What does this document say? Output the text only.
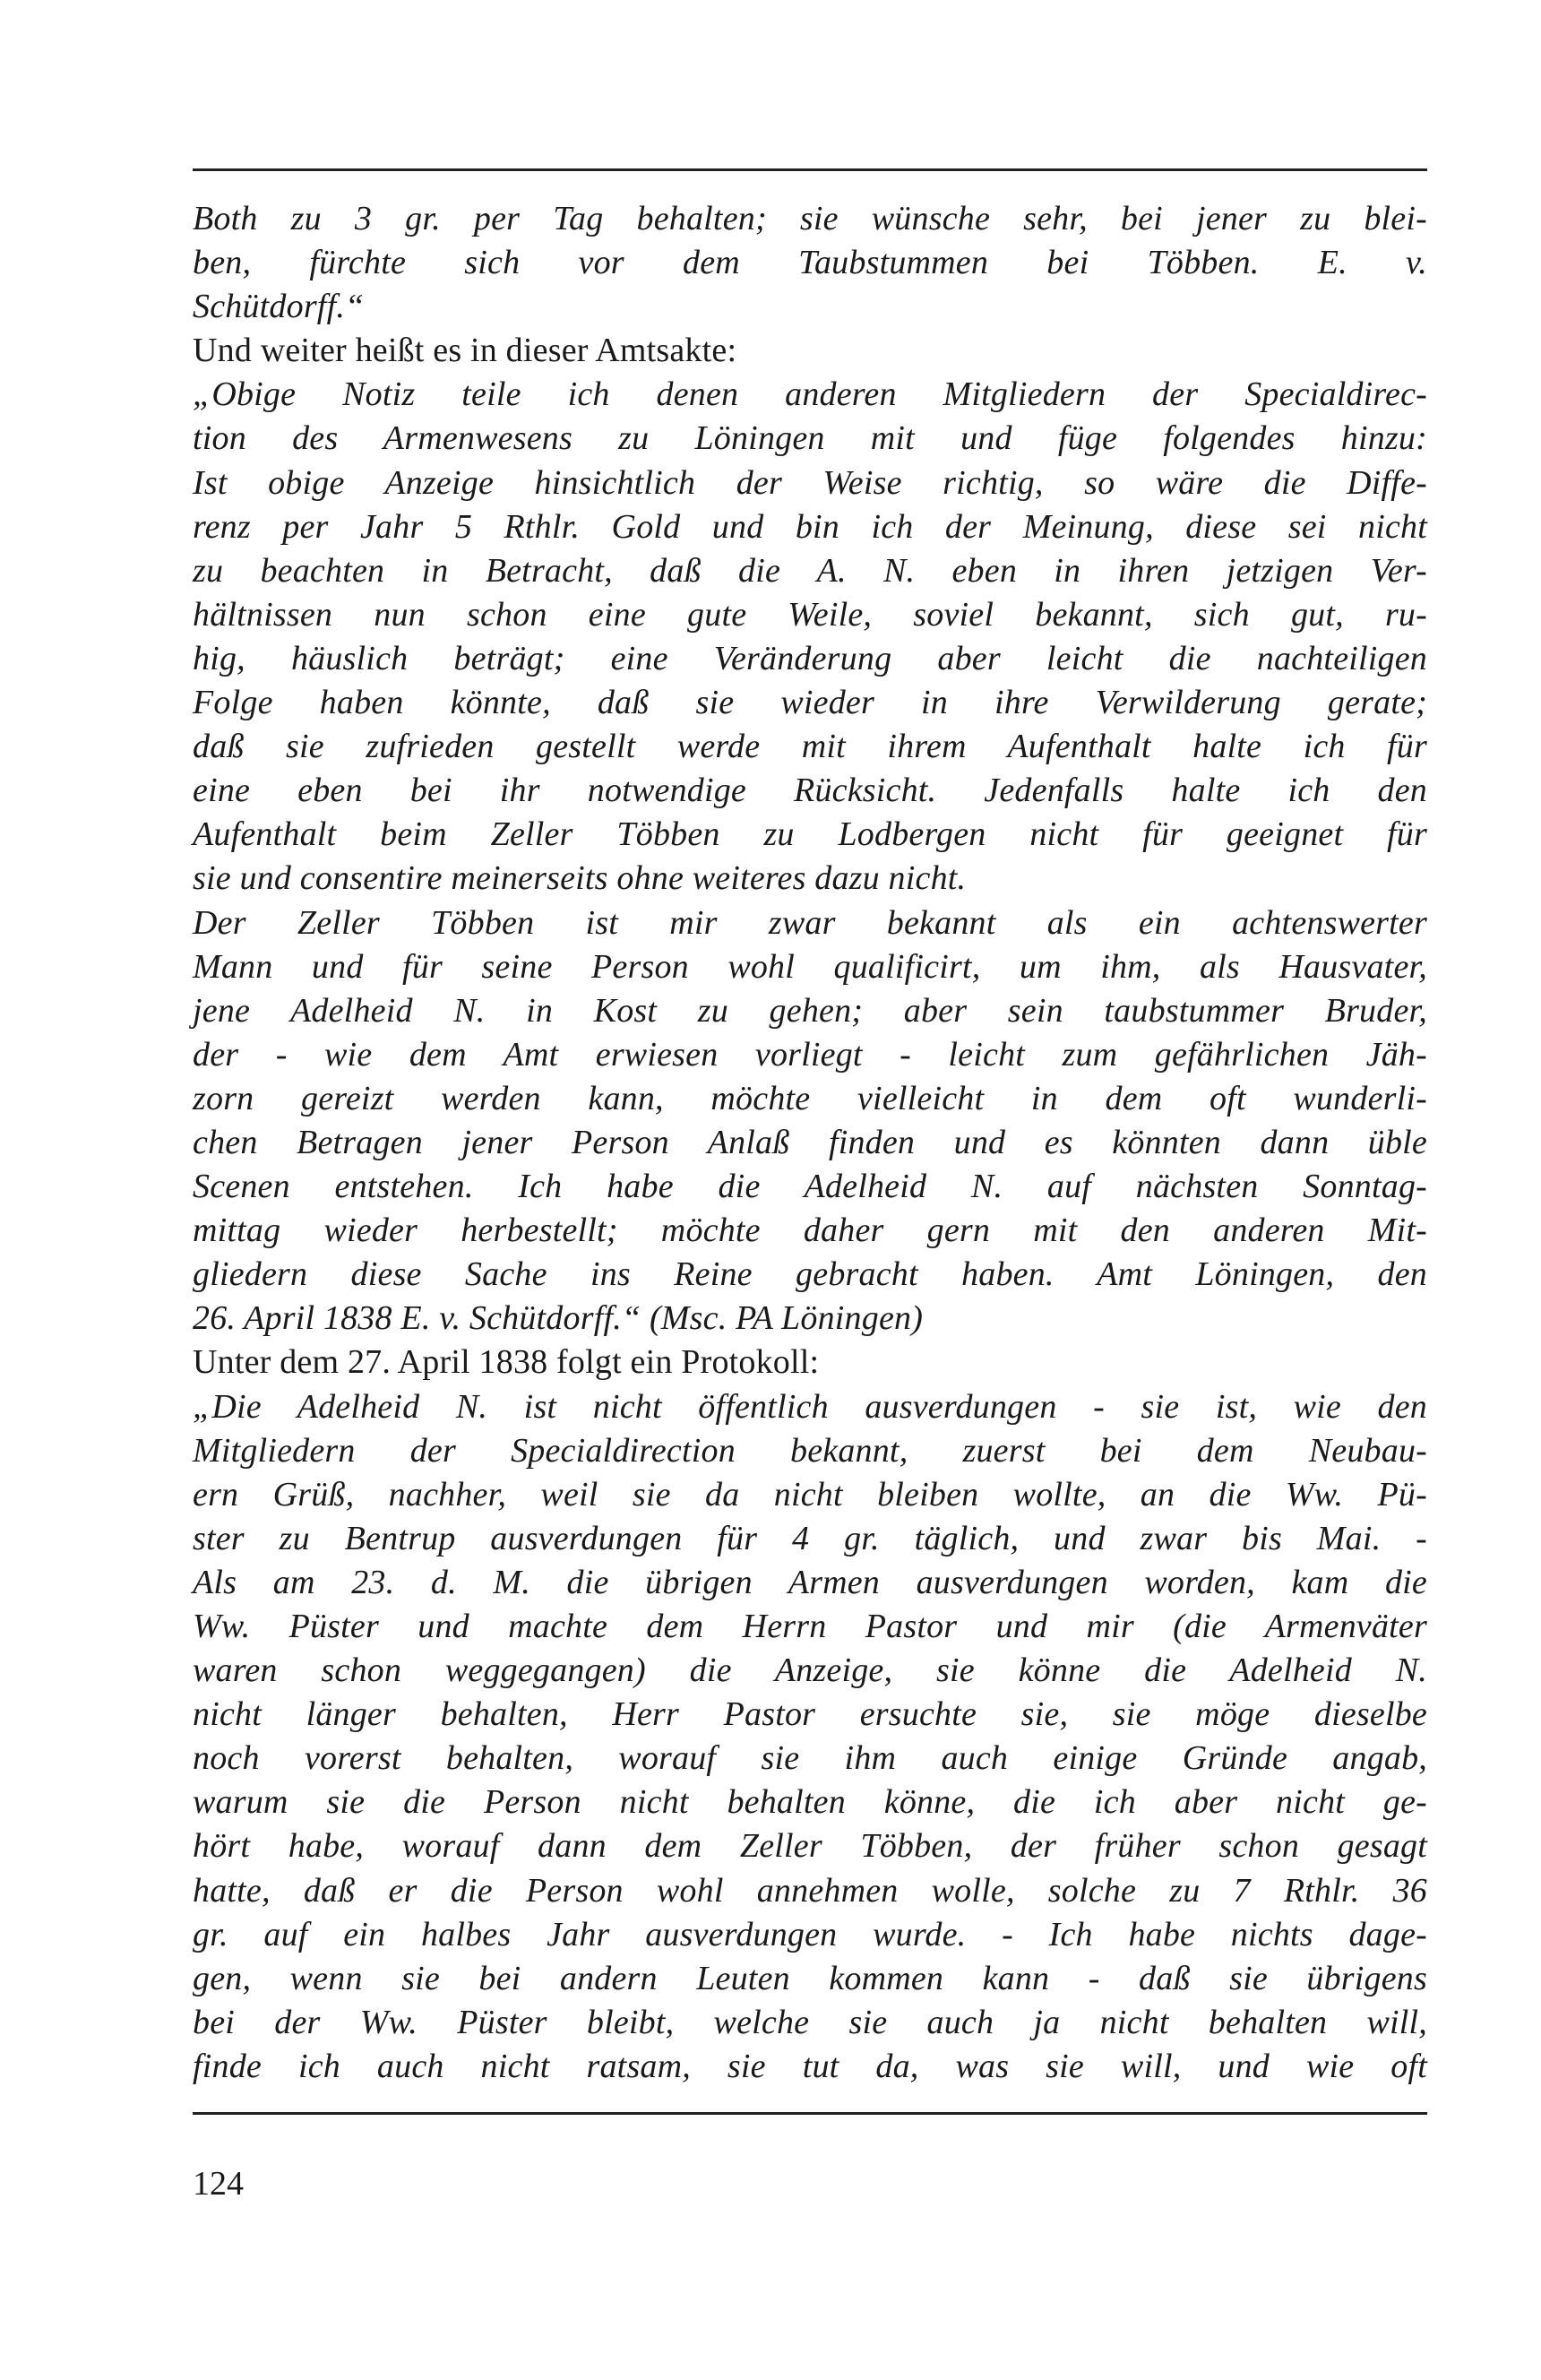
Both zu 3 gr. per Tag behalten; sie wünsche sehr, bei jener zu blei-
ben, fürchte sich vor dem Taubstummen bei Többen. E. v.
Schütdorff.“
Und weiter heißt es in dieser Amtsakte:
„Obige Notiz teile ich denen anderen Mitgliedern der Specialdirec-
tion des Armenwesens zu Löningen mit und füge folgendes hinzu:
Ist obige Anzeige hinsichtlich der Weise richtig, so wäre die Diffe-
renz per Jahr 5 Rthlr. Gold und bin ich der Meinung, diese sei nicht
zu beachten in Betracht, daß die A. N. eben in ihren jetzigen Ver-
hältnissen nun schon eine gute Weile, soviel bekannt, sich gut, ru-
hig, häuslich beträgt; eine Veränderung aber leicht die nachteiligen
Folge haben könnte, daß sie wieder in ihre Verwilderung gerate;
daß sie zufrieden gestellt werde mit ihrem Aufenthalt halte ich für
eine eben bei ihr notwendige Rücksicht. Jedenfalls halte ich den
Aufenthalt beim Zeller Többen zu Lodbergen nicht für geeignet für
sie und consentire meinerseits ohne weiteres dazu nicht.
Der Zeller Többen ist mir zwar bekannt als ein achtenswerter
Mann und für seine Person wohl qualificirt, um ihm, als Hausvater,
jene Adelheid N. in Kost zu gehen; aber sein taubstummer Bruder,
der - wie dem Amt erwiesen vorliegt - leicht zum gefährlichen Jäh-
zorn gereizt werden kann, möchte vielleicht in dem oft wunderli-
chen Betragen jener Person Anlaß finden und es könnten dann üble
Scenen entstehen. Ich habe die Adelheid N. auf nächsten Sonntag-
mittag wieder herbestellt; möchte daher gern mit den anderen Mit-
gliedern diese Sache ins Reine gebracht haben. Amt Löningen, den
26. April 1838 E. v. Schütdorff.“ (Msc. PA Löningen)
Unter dem 27. April 1838 folgt ein Protokoll:
„Die Adelheid N. ist nicht öffentlich ausverdungen - sie ist, wie den
Mitgliedern der Specialdirection bekannt, zuerst bei dem Neubau-
ern Grüß, nachher, weil sie da nicht bleiben wollte, an die Ww. Pü-
ster zu Bentrup ausverdungen für 4 gr. täglich, und zwar bis Mai. -
Als am 23. d. M. die übrigen Armen ausverdungen worden, kam die
Ww. Püster und machte dem Herrn Pastor und mir (die Armenväter
waren schon weggegangen) die Anzeige, sie könne die Adelheid N.
nicht länger behalten, Herr Pastor ersuchte sie, sie möge dieselbe
noch vorerst behalten, worauf sie ihm auch einige Gründe angab,
warum sie die Person nicht behalten könne, die ich aber nicht ge-
hört habe, worauf dann dem Zeller Többen, der früher schon gesagt
hatte, daß er die Person wohl annehmen wolle, solche zu 7 Rthlr. 36
gr. auf ein halbes Jahr ausverdungen wurde. - Ich habe nichts dage-
gen, wenn sie bei andern Leuten kommen kann - daß sie übrigens
bei der Ww. Püster bleibt, welche sie auch ja nicht behalten will,
finde ich auch nicht ratsam, sie tut da, was sie will, und wie oft
124
